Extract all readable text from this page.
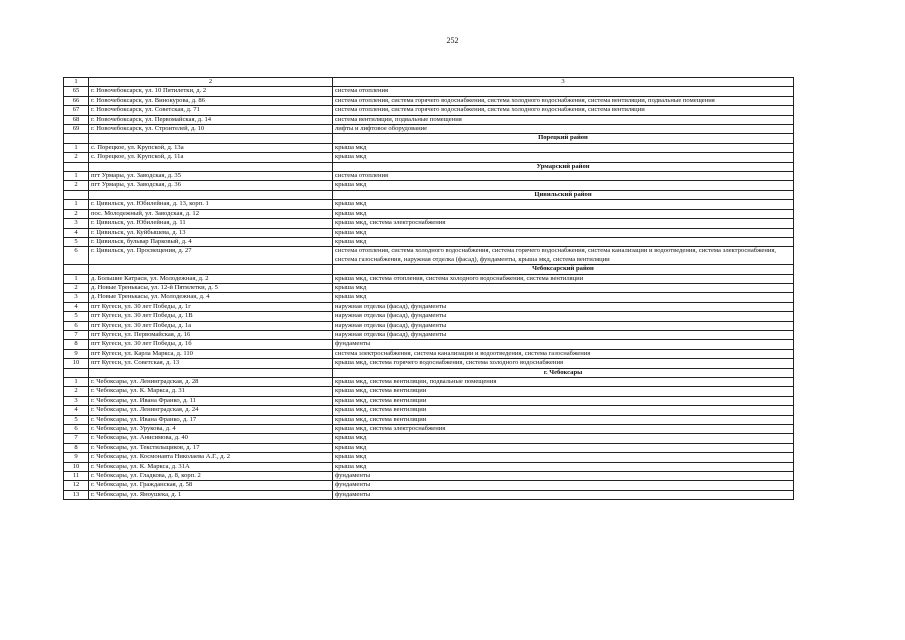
252
1	2	3
65	г. Новочебоксарск, ул. 10 Пятилетки, д. 2	система отопления
66	г. Новочебоксарск, ул. Винокурова, д. 86	система отопления, система горячего водоснабжения, система холодного водоснабжения, система вентиляции, подвальные помещения
67	г. Новочебоксарск, ул. Советская, д. 71	система отопления, система горячего водоснабжения, система холодного водоснабжения, система вентиляции
68	г. Новочебоксарск, ул. Первомайская, д. 14	система вентиляции, подвальные помещения
69	г. Новочебоксарск, ул. Строителей, д. 10	лифты и лифтовое оборудование
		Порецкий район
1	с. Порецкое, ул. Крупской, д. 13а	крыша мкд
2	с. Порецкое, ул. Крупской, д. 11а	крыша мкд
		Урмарский район
1	пгт Урмары, ул. Заводская, д. 35	система отопления
2	пгт Урмары, ул. Заводская, д. 36	крыша мкд
		Цивильский район
1	г. Цивильск, ул. Юбилейная, д. 13, корп. 1	крыша мкд
2	пос. Молодежный, ул. Заводская, д. 12	крыша мкд
3	г. Цивильск, ул. Юбилейная, д. 11	крыша мкд, система электроснабжения
4	г. Цивильск, ул. Куйбышева, д. 13	крыша мкд
5	г. Цивильск, бульвар Парковый, д. 4	крыша мкд
6	г. Цивильск, ул. Просвещения, д. 27	система отопления, система холодного водоснабжения, система горячего водоснабжения, система канализации и водоотведения, система электроснабжения, система газоснабжения, наружная отделка (фасад), фундаменты, крыша мкд, система вентиляции
		Чебоксарский район
1	д. Большие Катраси, ул. Молодежная, д. 2	крыша мкд, система отопления, система холодного водоснабжения, система вентиляции
2	д. Новые Тренькасы, ул. 12-й Пятилетки, д. 5	крыша мкд
3	д. Новые Тренькасы, ул. Молодежная, д. 4	крыша мкд
4	пгт Кугеси, ул. 30 лет Победы, д. 1г	наружная отделка (фасад), фундаменты
5	пгт Кугеси, ул. 30 лет Победы, д. 1В	наружная отделка (фасад), фундаменты
6	пгт Кугеси, ул. 30 лет Победы, д. 1а	наружная отделка (фасад), фундаменты
7	пгт Кугеси, ул. Первомайская, д. 16	наружная отделка (фасад), фундаменты
8	пгт Кугеси, ул. 30 лет Победы, д. 1б	фундаменты
9	пгт Кугеси, ул. Карла Маркса, д. 110	система электроснабжения, система канализации и водоотведения, система газоснабжения
10	пгт Кугеси, ул. Советская, д. 13	крыша мкд, система горячего водоснабжения, система холодного водоснабжения
		г. Чебоксары
1	г. Чебоксары, ул. Ленинградская, д. 28	крыша мкд, система вентиляции, подвальные помещения
2	г. Чебоксары, ул. К. Маркса, д. 31	крыша мкд, система вентиляции
3	г. Чебоксары, ул. Ивана Франко, д. 11	крыша мкд, система вентиляции
4	г. Чебоксары, ул. Ленинградская, д. 24	крыша мкд, система вентиляции
5	г. Чебоксары, ул. Ивана Франко, д. 17	крыша мкд, система вентиляции
6	г. Чебоксары, ул. Урукова, д. 4	крыша мкд, система электроснабжения
7	г. Чебоксары, ул. Анисимова, д. 40	крыша мкд
8	г. Чебоксары, ул. Текстильщиков, д. 17	крыша мкд
9	г. Чебоксары, ул. Космонавта Николаева А.Г., д. 2	крыша мкд
10	г. Чебоксары, ул. К. Маркса, д. 31А	крыша мкд
11	г. Чебоксары, ул. Гладкова, д. 8, корп. 2	фундаменты
12	г. Чебоксары, ул. Гражданская, д. 58	фундаменты
13	г. Чебоксары, ул. Яноушека, д. 1	фундаменты
